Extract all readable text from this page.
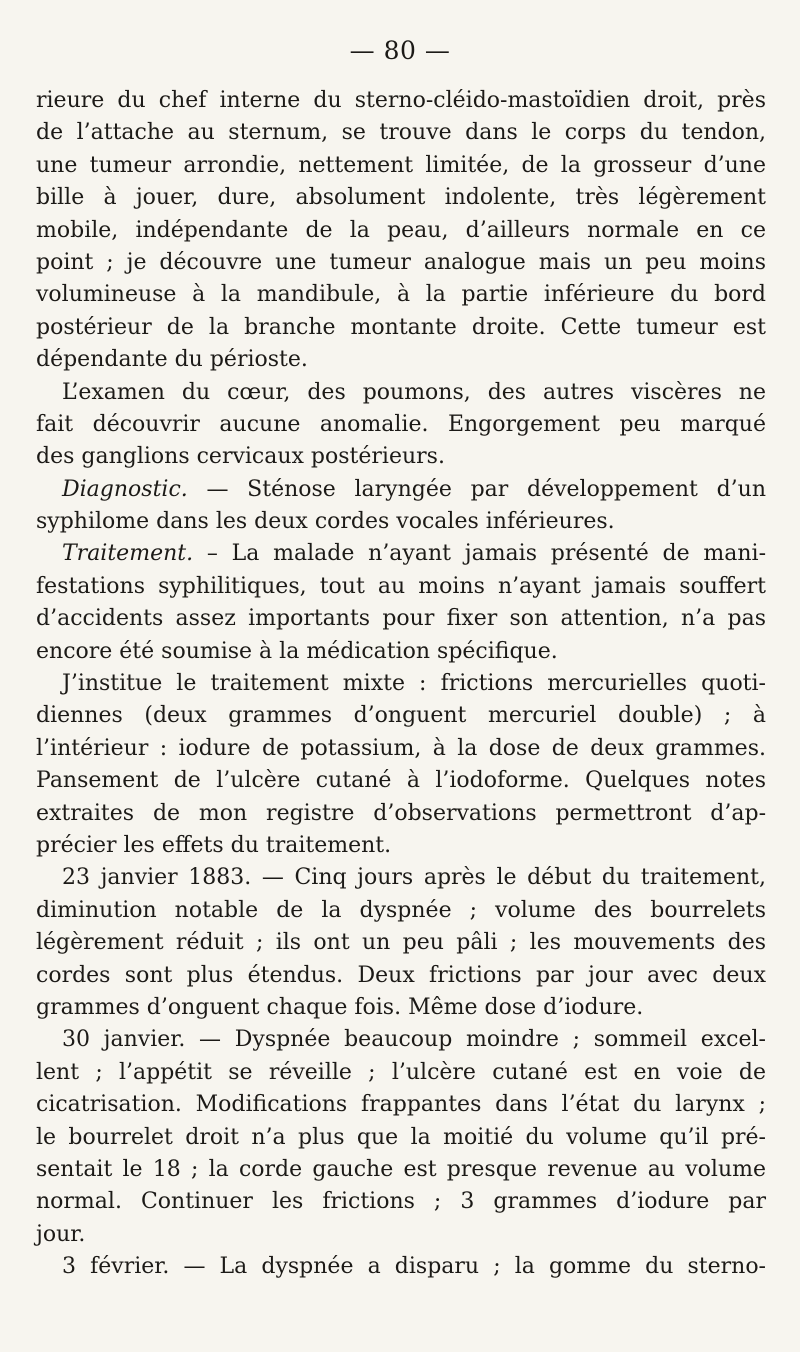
— 80 —
rieure du chef interne du sterno-cléido-mastoïdien droit, près
de l’attache au sternum, se trouve dans le corps du tendon,
une tumeur arrondie, nettement limitée, de la grosseur d’une
bille à jouer, dure, absolument indolente, très légèrement
mobile, indépendante de la peau, d’ailleurs normale en ce
point ; je découvre une tumeur analogue mais un peu moins
volumineuse à la mandibule, à la partie inférieure du bord
postérieur de la branche montante droite. Cette tumeur est
dépendante du périoste.
L’examen du cœur, des poumons, des autres viscères ne
fait découvrir aucune anomalie. Engorgement peu marqué
des ganglions cervicaux postérieurs.
Diagnostic. — Sténose laryngée par développement d’un
syphilome dans les deux cordes vocales inférieures.
Traitement. – La malade n’ayant jamais présenté de mani-
festations syphilitiques, tout au moins n’ayant jamais souffert
d’accidents assez importants pour fixer son attention, n’a pas
encore été soumise à la médication spécifique.
J’institue le traitement mixte : frictions mercurielles quoti-
diennes (deux grammes d’onguent mercuriel double) ; à
l’intérieur : iodure de potassium, à la dose de deux grammes.
Pansement de l’ulcère cutané à l’iodoforme. Quelques notes
extraites de mon registre d’observations permettront d’ap-
précier les effets du traitement.
23 janvier 1883. — Cinq jours après le début du traitement,
diminution notable de la dyspnée ; volume des bourrelets
légèrement réduit ; ils ont un peu pâli ; les mouvements des
cordes sont plus étendus. Deux frictions par jour avec deux
grammes d’onguent chaque fois. Même dose d’iodure.
30 janvier. — Dyspnée beaucoup moindre ; sommeil excel-
lent ; l’appétit se réveille ; l’ulcère cutané est en voie de
cicatrisation. Modifications frappantes dans l’état du larynx ;
le bourrelet droit n’a plus que la moitié du volume qu’il pré-
sentait le 18 ; la corde gauche est presque revenue au volume
normal. Continuer les frictions ; 3 grammes d’iodure par
jour.
3 février. — La dyspnée a disparu ; la gomme du sterno-
